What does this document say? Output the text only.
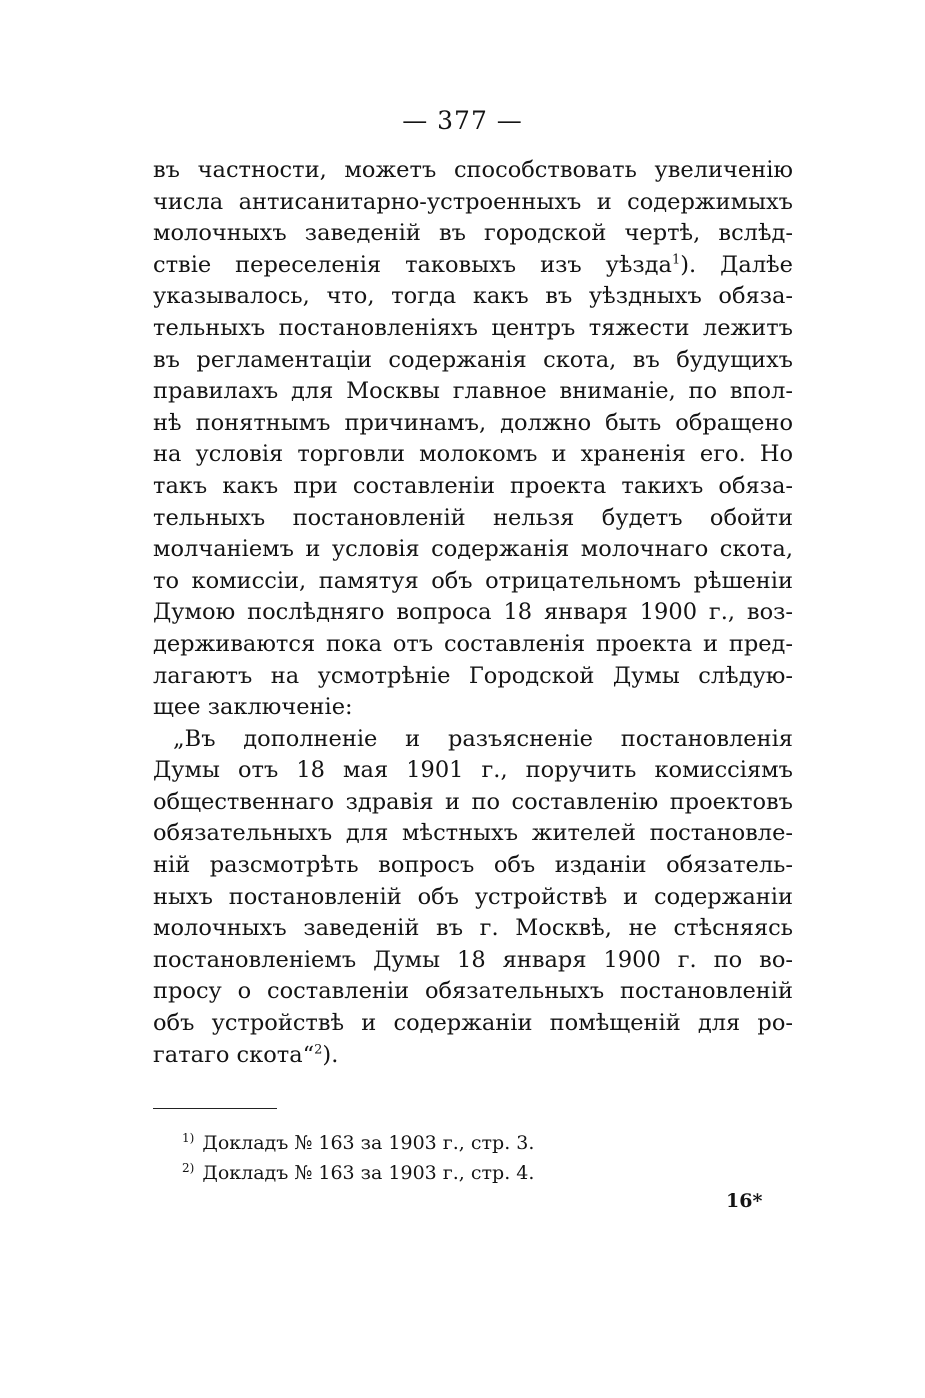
— 377 —
въ частности, можетъ способствовать увеличенію
числа антисанитарно-устроенныхъ и содержимыхъ
молочныхъ заведеній въ городской чертѣ, вслѣд-
ствіе переселенія таковыхъ изъ уѣзда$^1$). Далѣе
указывалось, что, тогда какъ въ уѣздныхъ обяза-
тельныхъ постановленіяхъ центръ тяжести лежитъ
въ регламентаціи содержанія скота, въ будущихъ
правилахъ для Москвы главное вниманіе, по впол-
нѣ понятнымъ причинамъ, должно быть обращено
на условія торговли молокомъ и храненія его. Но
такъ какъ при составленіи проекта такихъ обяза-
тельныхъ постановленій нельзя будетъ обойти
молчаніемъ и условія содержанія молочнаго скота,
то комиссіи, памятуя объ отрицательномъ рѣшеніи
Думою послѣдняго вопроса 18 января 1900 г., воз-
держиваются пока отъ составленія проекта и пред-
лагаютъ на усмотрѣніе Городской Думы слѣдую-
щее заключеніе:
„Въ дополненіе и разъясненіе постановленія
Думы отъ 18 мая 1901 г., поручить комиссіямъ
общественнаго здравія и по составленію проектовъ
обязательныхъ для мѣстныхъ жителей постановле-
ній разсмотрѣть вопросъ объ изданіи обязатель-
ныхъ постановленій объ устройствѣ и содержаніи
молочныхъ заведеній въ г. Москвѣ, не стѣсняясь
постановленіемъ Думы 18 января 1900 г. по во-
просу о составленіи обязательныхъ постановленій
объ устройствѣ и содержаніи помѣщеній для ро-
гатаго скота“$^2$).
$^{1)}$ Докладъ № 163 за 1903 г., стр. 3.
$^{2)}$ Докладъ № 163 за 1903 г., стр. 4.
16*
